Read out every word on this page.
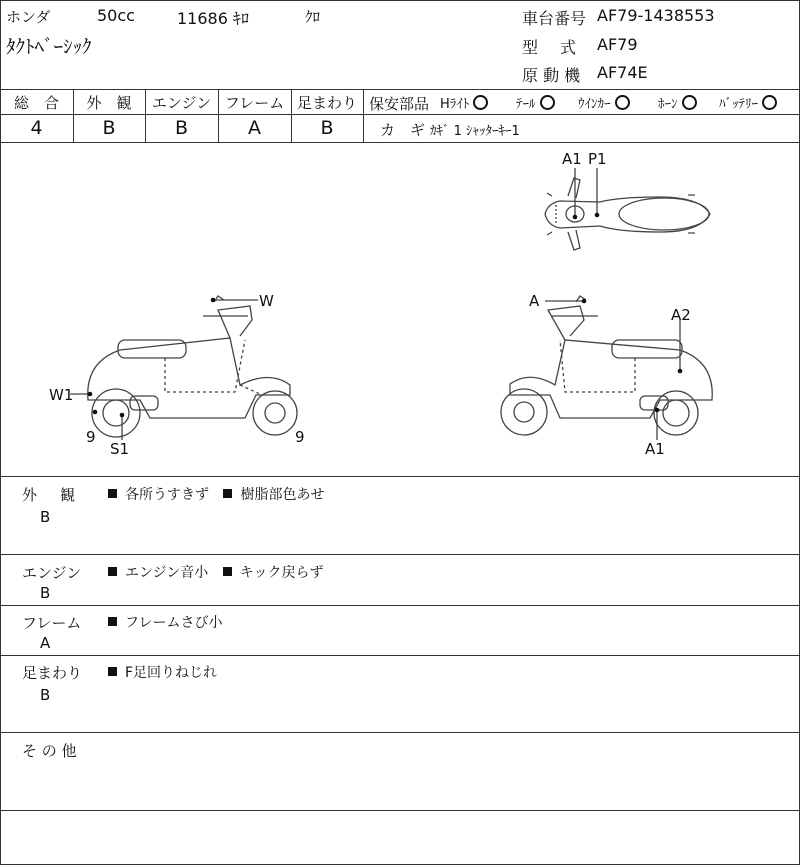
ホンダ	50cc	11686 ｷﾛ	ｸﾛ
ﾀｸﾄﾍﾞｰｼｯｸ
車台番号 AF79-1438553
型　式 AF79
原 動 機 AF74E
総　合	外　観	エンジン フレーム 足まわり
4	B	B	A	B
保安部品 Hﾗｲﾄ	ﾃｰﾙ	ｳｲﾝｶｰ	ﾎｰﾝ	ﾊﾞｯﾃﾘｰ
カ　ギ ｶｷﾞ 1 ｼｬｯﾀｰｷｰ1
A1 P1
W
W1
S1
9	9
A
A2
A1
外　観
B
各所うすきず 樹脂部色あせ
エンジン
B
エンジン音小 キック戻らず
フレーム
A
フレームさび小
足まわり
B
F足回りねじれ
そ の 他
